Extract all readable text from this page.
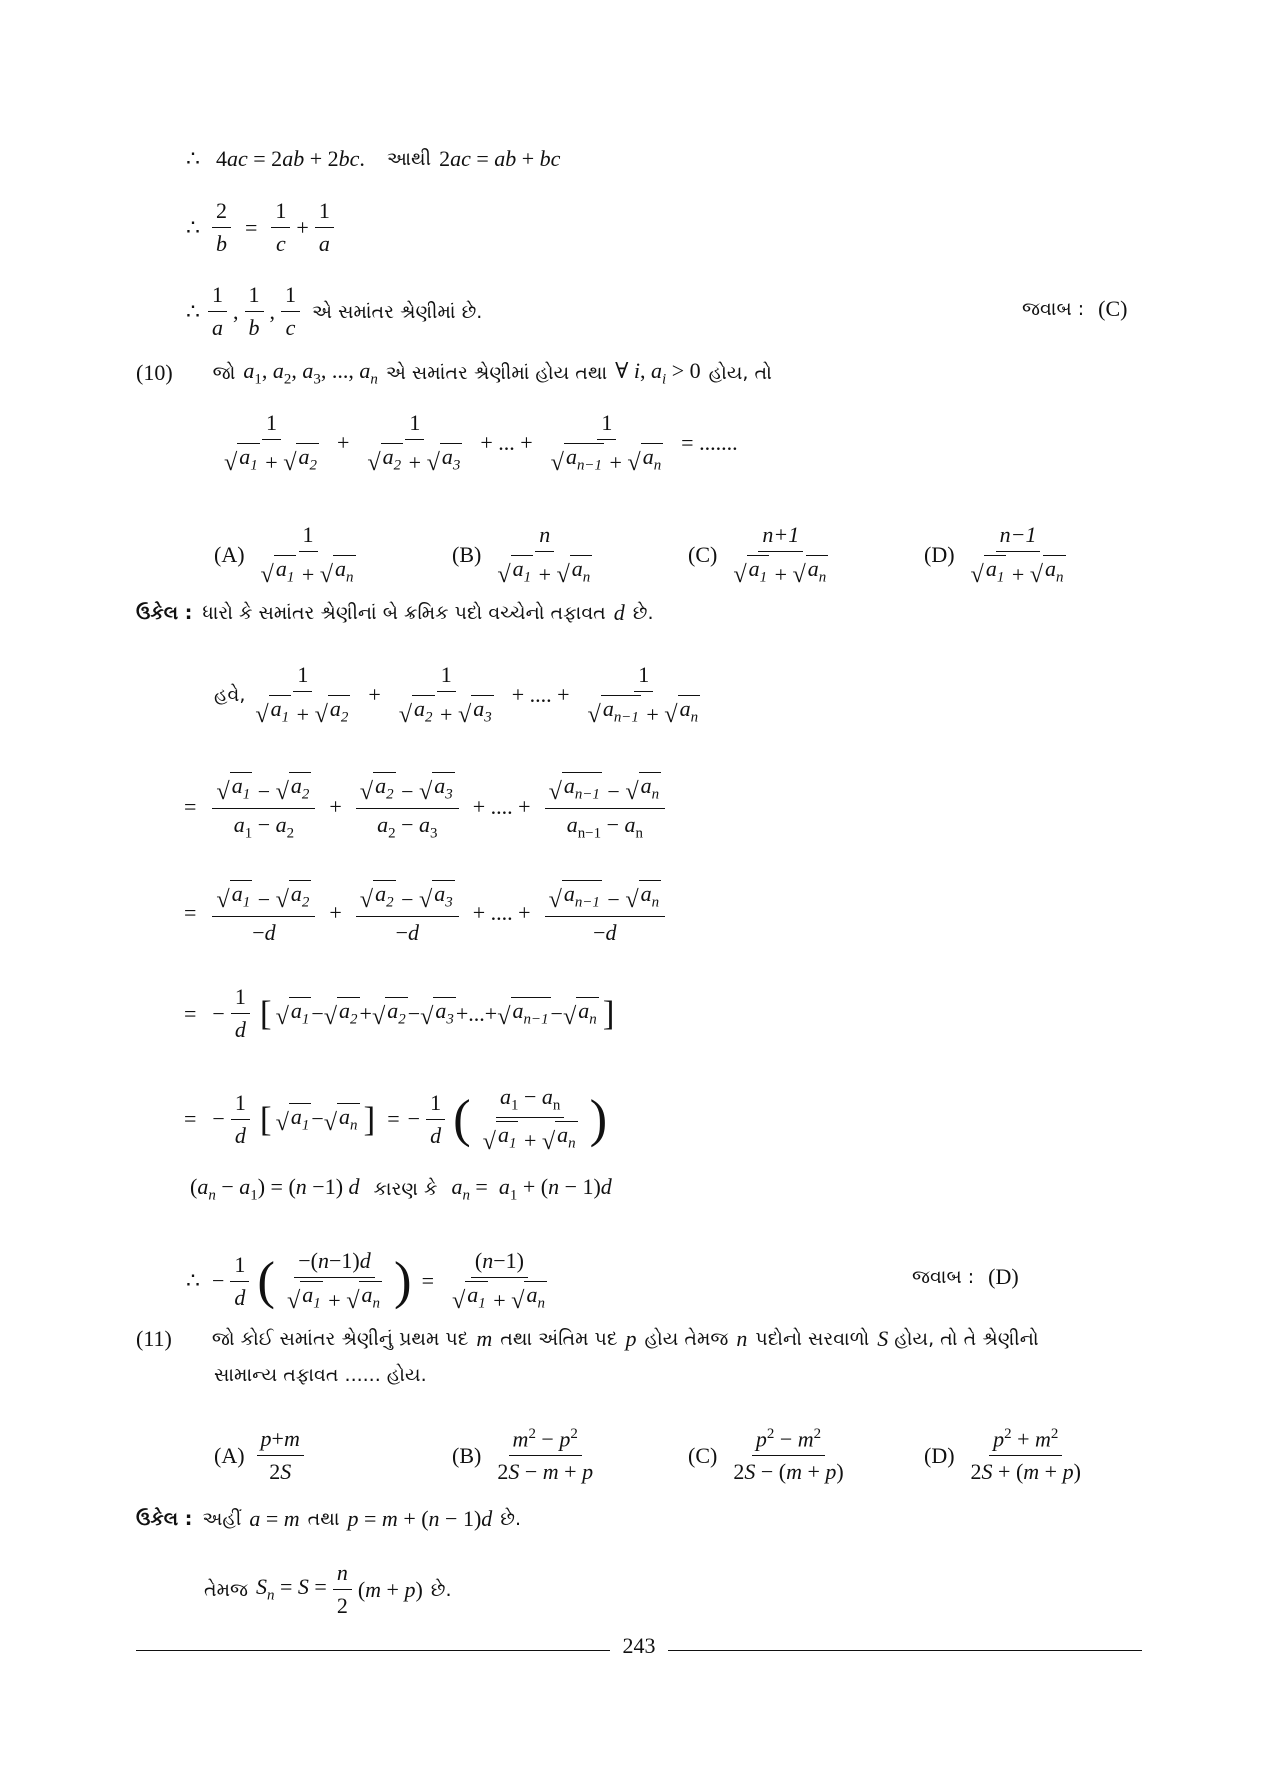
∴ 4ac = 2ab + 2bc. આથી 2ac = ab + bc
∴ $\frac{2}{b} = \frac{1}{c} + \frac{1}{a}$
∴ $\frac{1}{a}$ , $\frac{1}{b}$ , $\frac{1}{c}$ એ સમાંતર શ્રેણીમાં છે.	જવાબ : (C)
(10) જો $a_1$, $a_2$, $a_3$, ..., $a_n$ એ સમાંતર શ્રેણીમાં હોય તથા ∀ i, $a_i > 0$ હોય, તો
$\frac{1}{√ a_1 + √ a_2} + \frac{1}{√ a_2 + √ a_3}$ + ... + $\frac{1}{√ a_{n-1} + √ a_n}$ = .......
$(A) \frac{1}{√ a_1 + √ a_n}$	$(B) \frac{n}{√ a_1 + √ a_n}$	$(C) \frac{n+1}{√ a_1 + √ a_n}$	$(D) \frac{n-1}{√ a_1 + √ a_n}$
ઉકેલ : ધારો કે સમાંતર શ્રેણીનાં બે ક્રમિક પદો વચ્ચેનો તફાવત d છે.
હવે, $\frac{1}{√ a_1 + √ a_2} + \frac{1}{√ a_2 + √ a_3}$ + .... + $\frac{1}{√ a_{n-1} + √ a_n}$
= $\frac{√ a_1 - √ a_2}{a_1 - a_2} + \frac{√ a_2 - √ a_3}{a_2 - a_3}$ + .... + $\frac{√ a_{n-1} - √ a_n}{a_{n-1} - a_n}$
= $\frac{√ a_1 - √ a_2}{-d} + \frac{√ a_2 - √ a_3}{-d}$ + .... + $\frac{√ a_{n-1} - √ a_n}{-d}$
= − $\frac{1}{d}$ [ √ $a_1$ − √ $a_2$ + √ $a_2$ − √ $a_3$ +...+ √ $a_{n-1}$ − √ $a_n$ ]
= − $\frac{1}{d}$ [ √ $a_1$ − √ $a_n$ ] = − $\frac{1}{d}$ ( $\frac{a_1 - a_n}{√ a_1 + √ a_n}$ )
$(a_n - a_1) = (n -1)$ d કારણ કે $a_n = a_1 + (n - 1)d$
∴ − $\frac{1}{d}$ ( $\frac{-(n-1)d}{√ a_1 + √ a_n}$ ) = $\frac{(n-1)}{√ a_1 + √ a_n}$	જવાબ : (D)
(11) જો કોઈ સમાંતર શ્રેણીનું પ્રથમ પદ m તથા અંતિમ પદ p હોય તેમજ n પદોનો સરવાળો S હોય, તો તે શ્રેણીનો
સામાન્ય તફાવત ...... હોય.
$(A) \frac{p+m}{2S}$	$(B) \frac{m^2 - p^2}{2S - m + p}$	$(C) \frac{p^2 - m^2}{2S - (m + p)}$	$(D) \frac{p^2 + m^2}{2S + (m + p)}$
ઉકેલ : અહીં a = m તથા p = m + (n − 1)d છે.
તેમજ $S_n = S = \frac{n}{2} (m + p)$ છે.
243
